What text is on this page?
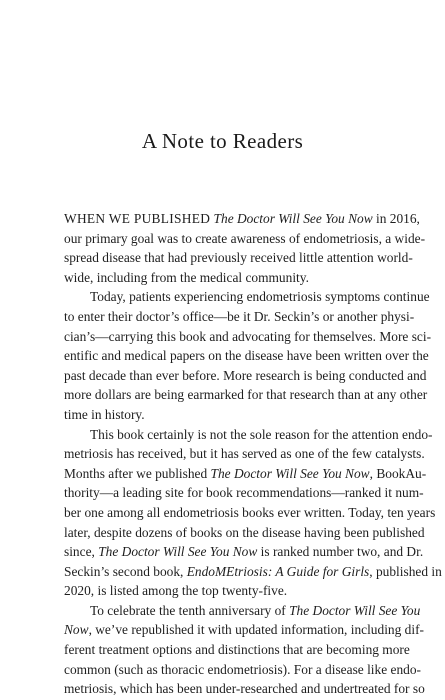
A Note to Readers
WHEN WE PUBLISHED The Doctor Will See You Now in 2016,
our primary goal was to create awareness of endometriosis, a wide-
spread disease that had previously received little attention world-
wide, including from the medical community.
Today, patients experiencing endometriosis symptoms continue
to enter their doctor’s office—be it Dr. Seckin’s or another physi-
cian’s—carrying this book and advocating for themselves. More sci-
entific and medical papers on the disease have been written over the
past decade than ever before. More research is being conducted and
more dollars are being earmarked for that research than at any other
time in history.
This book certainly is not the sole reason for the attention endo-
metriosis has received, but it has served as one of the few catalysts.
Months after we published The Doctor Will See You Now, BookAu-
thority—a leading site for book recommendations—ranked it num-
ber one among all endometriosis books ever written. Today, ten years
later, despite dozens of books on the disease having been published
since, The Doctor Will See You Now is ranked number two, and Dr.
Seckin’s second book, EndoMEtriosis: A Guide for Girls, published in
2020, is listed among the top twenty-five.
To celebrate the tenth anniversary of The Doctor Will See You
Now, we’ve republished it with updated information, including dif-
ferent treatment options and distinctions that are becoming more
common (such as thoracic endometriosis). For a disease like endo-
metriosis, which has been under-researched and undertreated for so
